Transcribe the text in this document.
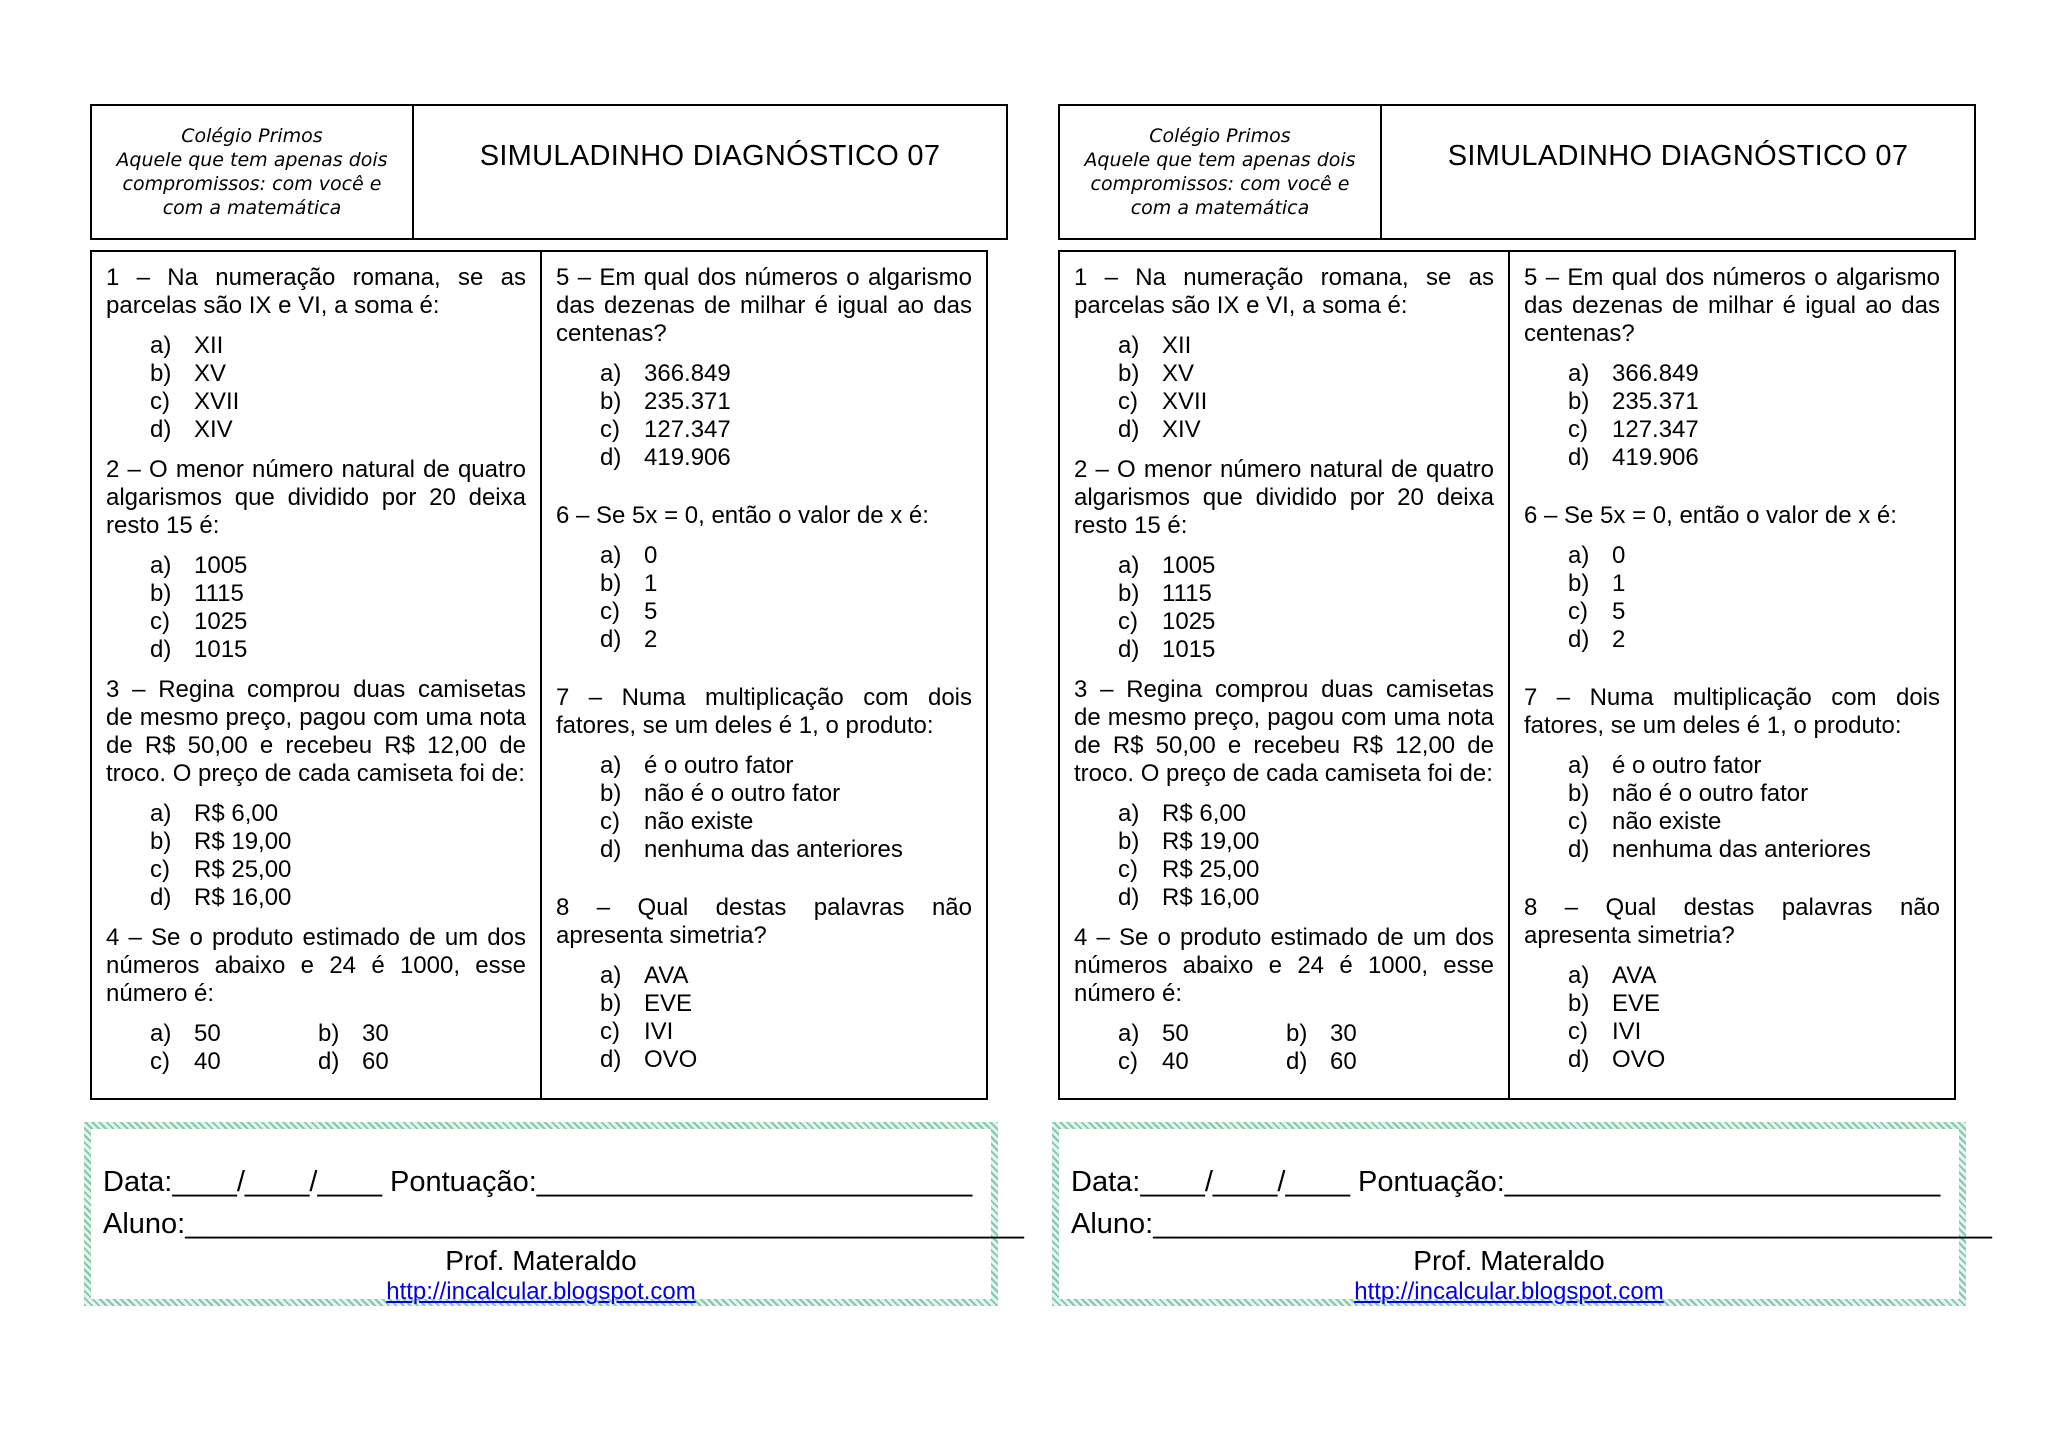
Colégio Primos
Aquele que tem apenas dois
compromissos: com você e
com a matemática
SIMULADINHO DIAGNÓSTICO 07

1 – Na numeração romana, se as parcelas são IX e VI, a soma é:

a) XII
b) XV
c)	XVII
d) XIV

2 – O menor número natural de quatro algarismos que dividido por 20 deixa resto 15 é:

a) 1005
b) 1115
c)	1025
d) 1015

3 – Regina comprou duas camisetas de mesmo preço, pagou com uma nota de R$ 50,00 e recebeu R$ 12,00 de troco. O preço de cada camiseta foi de:

a) R$ 6,00
b) R$ 19,00
c)	R$ 25,00
d) R$ 16,00

4 – Se o produto estimado de um dos números abaixo e 24 é 1000, esse número é:

a) 50	b) 30
c)	40	d) 60

5 – Em qual dos números o algarismo das dezenas de milhar é igual ao das centenas?

a) 366.849
b) 235.371
c)	127.347
d) 419.906

6 – Se 5x = 0, então o valor de x é:

a) 0
b) 1
c)	5
d) 2

7 – Numa multiplicação com dois fatores, se um deles é 1, o produto:

a) é o outro fator
b) não é o outro fator
c)	não existe
d) nenhuma das anteriores

8 – Qual destas palavras não apresenta simetria?

a) AVA
b) EVE
c)	IVI
d) OVO
Data:____/____/____ Pontuação:___________________________
Aluno:____________________________________________________
Prof. Materaldo
http://incalcular.blogspot.com
Colégio Primos
Aquele que tem apenas dois
compromissos: com você e
com a matemática
SIMULADINHO DIAGNÓSTICO 07

1 – Na numeração romana, se as parcelas são IX e VI, a soma é:

a) XII
b) XV
c)	XVII
d) XIV

2 – O menor número natural de quatro algarismos que dividido por 20 deixa resto 15 é:

a) 1005
b) 1115
c)	1025
d) 1015

3 – Regina comprou duas camisetas de mesmo preço, pagou com uma nota de R$ 50,00 e recebeu R$ 12,00 de troco. O preço de cada camiseta foi de:

a) R$ 6,00
b) R$ 19,00
c)	R$ 25,00
d) R$ 16,00

4 – Se o produto estimado de um dos números abaixo e 24 é 1000, esse número é:

a) 50	b) 30
c)	40	d) 60

5 – Em qual dos números o algarismo das dezenas de milhar é igual ao das centenas?

a) 366.849
b) 235.371
c)	127.347
d) 419.906

6 – Se 5x = 0, então o valor de x é:

a) 0
b) 1
c)	5
d) 2

7 – Numa multiplicação com dois fatores, se um deles é 1, o produto:

a) é o outro fator
b) não é o outro fator
c)	não existe
d) nenhuma das anteriores

8 – Qual destas palavras não apresenta simetria?

a) AVA
b) EVE
c)	IVI
d) OVO
Data:____/____/____ Pontuação:___________________________
Aluno:____________________________________________________
Prof. Materaldo
http://incalcular.blogspot.com
